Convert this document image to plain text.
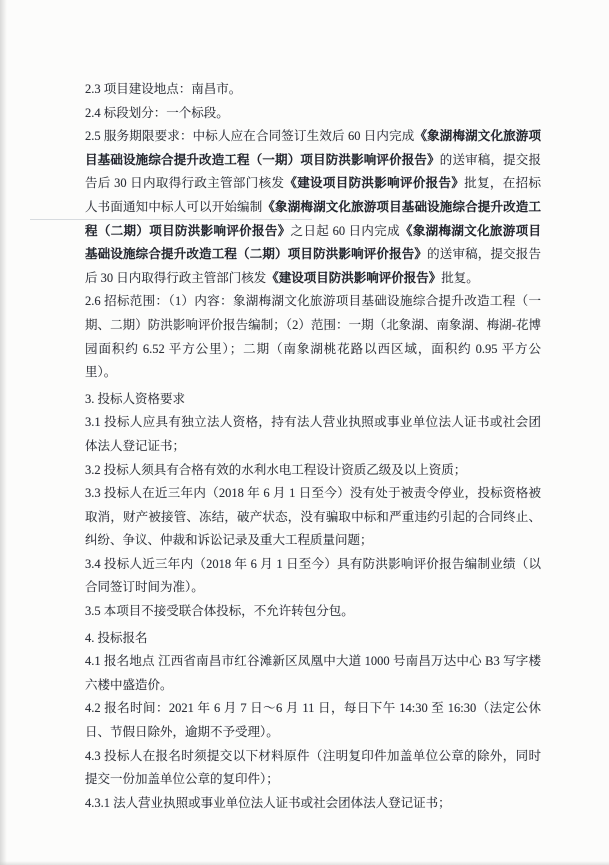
2.3 项目建设地点：南昌市。

2.4 标段划分：一个标段。

2.5 服务期限要求：中标人应在合同签订生效后 60 日内完成《象湖梅湖文化旅游项目基础设施综合提升改造工程（一期）项目防洪影响评价报告》的送审稿，提交报告后 30 日内取得行政主管部门核发《建设项目防洪影响评价报告》批复，在招标人书面通知中标人可以开始编制《象湖梅湖文化旅游项目基础设施综合提升改造工程（二期）项目防洪影响评价报告》之日起 60 日内完成《象湖梅湖文化旅游项目基础设施综合提升改造工程（二期）项目防洪影响评价报告》的送审稿，提交报告后 30 日内取得行政主管部门核发《建设项目防洪影响评价报告》批复。

2.6 招标范围：（1）内容：象湖梅湖文化旅游项目基础设施综合提升改造工程（一期、二期）防洪影响评价报告编制；（2）范围：一期（北象湖、南象湖、梅湖-花博园面积约 6.52 平方公里）；二期（南象湖桃花路以西区域，面积约 0.95 平方公里）。

3. 投标人资格要求

3.1 投标人应具有独立法人资格，持有法人营业执照或事业单位法人证书或社会团体法人登记证书；

3.2 投标人须具有合格有效的水利水电工程设计资质乙级及以上资质；

3.3 投标人在近三年内（2018 年 6 月 1 日至今）没有处于被责令停业，投标资格被取消，财产被接管、冻结，破产状态，没有骗取中标和严重违约引起的合同终止、纠纷、争议、仲裁和诉讼记录及重大工程质量问题；

3.4 投标人近三年内（2018 年 6 月 1 日至今）具有防洪影响评价报告编制业绩（以合同签订时间为准）。

3.5 本项目不接受联合体投标，不允许转包分包。

4. 投标报名

4.1 报名地点 江西省南昌市红谷滩新区凤凰中大道 1000 号南昌万达中心 B3 写字楼六楼中盛造价。

4.2 报名时间：2021 年 6 月 7 日～6 月 11 日，每日下午 14:30 至 16:30（法定公休日、节假日除外，逾期不予受理）。

4.3 投标人在报名时须提交以下材料原件（注明复印件加盖单位公章的除外，同时提交一份加盖单位公章的复印件）；

4.3.1 法人营业执照或事业单位法人证书或社会团体法人登记证书；
